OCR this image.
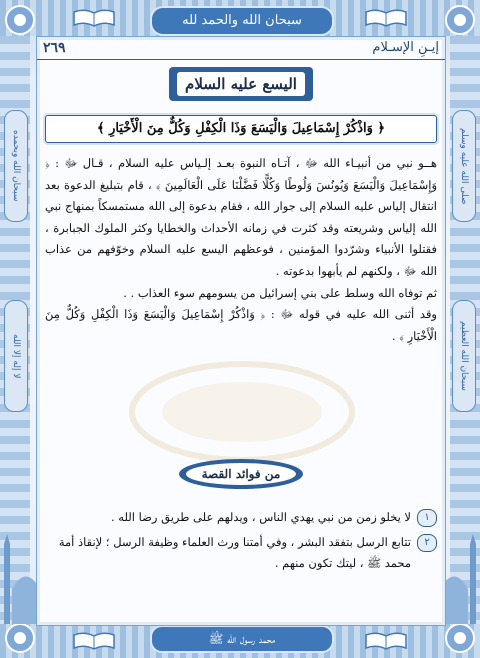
سبحان الله والحمد لله
محمد رسول الله ﷺ
سبحان الله وبحمده	صلى الله عليه وسلم
سبحان الله العظيم
لا إله إلا الله
٢٦٩	إيـنِ الإسـلام
اليسع عليه السلام
﴿ وَاذْكُرْ إِسْمَاعِيلَ وَالْيَسَعَ وَذَا الْكِفْلِ وَكُلٌّ مِنَ الْأَخْيَارِ ﴾

هــو نبي من أنبيـاء الله ﷻ ، آتـاه النبوة بعـد إلـياس عليه السلام ، قـال ﷻ : ﴿ وَإِسْمَاعِيلَ وَالْيَسَعَ وَيُونُسَ وَلُوطًا وَكُلًّا فَضَّلْنَا عَلَى الْعَالَمِينَ ﴾ ، قام بتبليغ الدعوة بعد انتقال إلياس عليه السلام إلى جوار الله ، فقام بدعوة إلى الله مستمسكاً بمنهاج نبي الله إلياس وشريعته وقد كثرت في زمانه الأحداث والخطايا وكثر الملوك الجبابرة ، فقتلوا الأنبياء وشرّدوا المؤمنين ، فوعظهم اليسع عليه السلام وخوّفهم من عذاب الله ﷻ ، ولكنهم لم يأبهوا بدعوته .

ثم توفاه الله وسلط على بني إسرائيل من يسومهم سوء العذاب . .

وقد أثنى الله عليه في قوله ﷻ : ﴿ وَاذْكُرْ إِسْمَاعِيلَ وَالْيَسَعَ وَذَا الْكِفْلِ وَكُلٌّ مِنَ الْأَخْيَارِ ﴾ .

من فوائد القصة
١
لا يخلو زمن من نبي يهدي الناس ، ويدلهم على طريق رضا الله .
٢
تتابع الرسل بتفقد البشر ، وفي أمتنا ورث العلماء وظيفة الرسل ؛ لإنقاذ أمة محمد ﷺ ، ليتك تكون منهم .
